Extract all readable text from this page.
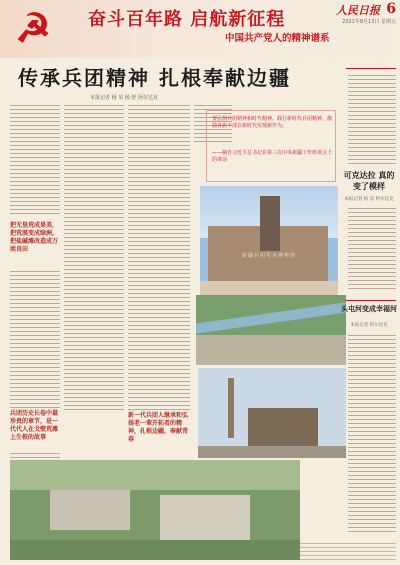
☭	奋斗百年路 启航新征程
中国共产党人的精神谱系
人民日报 6
2021年8月13日 星期五
传承兵团精神 扎根奉献边疆
本报记者 杨 昊 杨 舒 阿尔达克
把无垦荒成果美，把荒漠变成绿洲，把盐碱滩改造成万顷良田
兵团历史长卷中最珍贵的章节，是一代代人在戈壁荒滩上生根的故事
新一代兵团人继承和弘扬老一辈开拓者的精神，扎根边疆，奉献青春
要弘扬兵团精神和时代精神，践行新时代兵团精神，激励各族干部在新时代实现新作为。
——摘自习近平总书记在第三次中央新疆工作座谈会上的讲话
新疆兵团军垦博物馆
可克达拉 真的变了模样
本报记者 杨 昊 阿尔达克
头屯河变成幸福河
本报记者 阿尔达克
